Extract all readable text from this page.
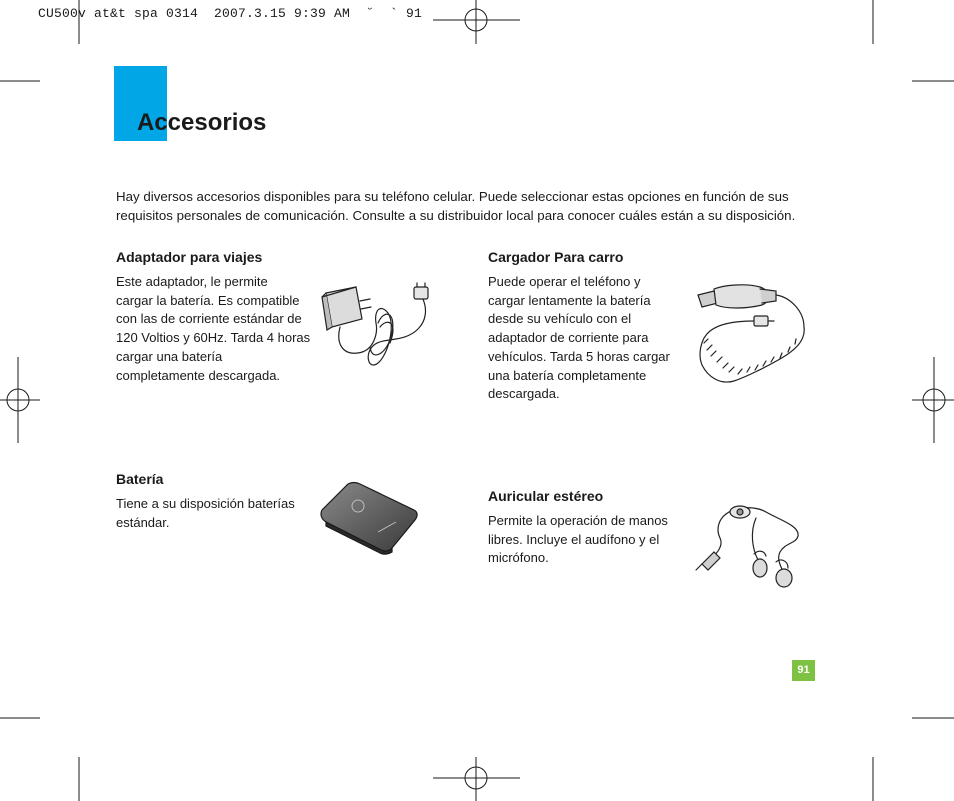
CU500v at&t spa 0314  2007.3.15 9:39 AM  ˘  ` 91
Accesorios

Hay diversos accesorios disponibles para su teléfono celular. Puede seleccionar estas opciones en función de sus
requisitos personales de comunicación. Consulte a su distribuidor local para conocer cuáles están a su disposición.

Adaptador para viajes

Este adaptador, le permite
cargar la batería. Es compatible
con las de corriente estándar de
120 Voltios y 60Hz. Tarda 4 horas
cargar una batería
completamente descargada.

Cargador Para carro

Puede operar el teléfono y
cargar lentamente la batería
desde su vehículo con el
adaptador de corriente para
vehículos. Tarda 5 horas cargar
una batería completamente
descargada.

Batería

Tiene a su disposición baterías
estándar.

Auricular estéreo

Permite la operación de manos
libres. Incluye el audífono y el
micrófono.

91
